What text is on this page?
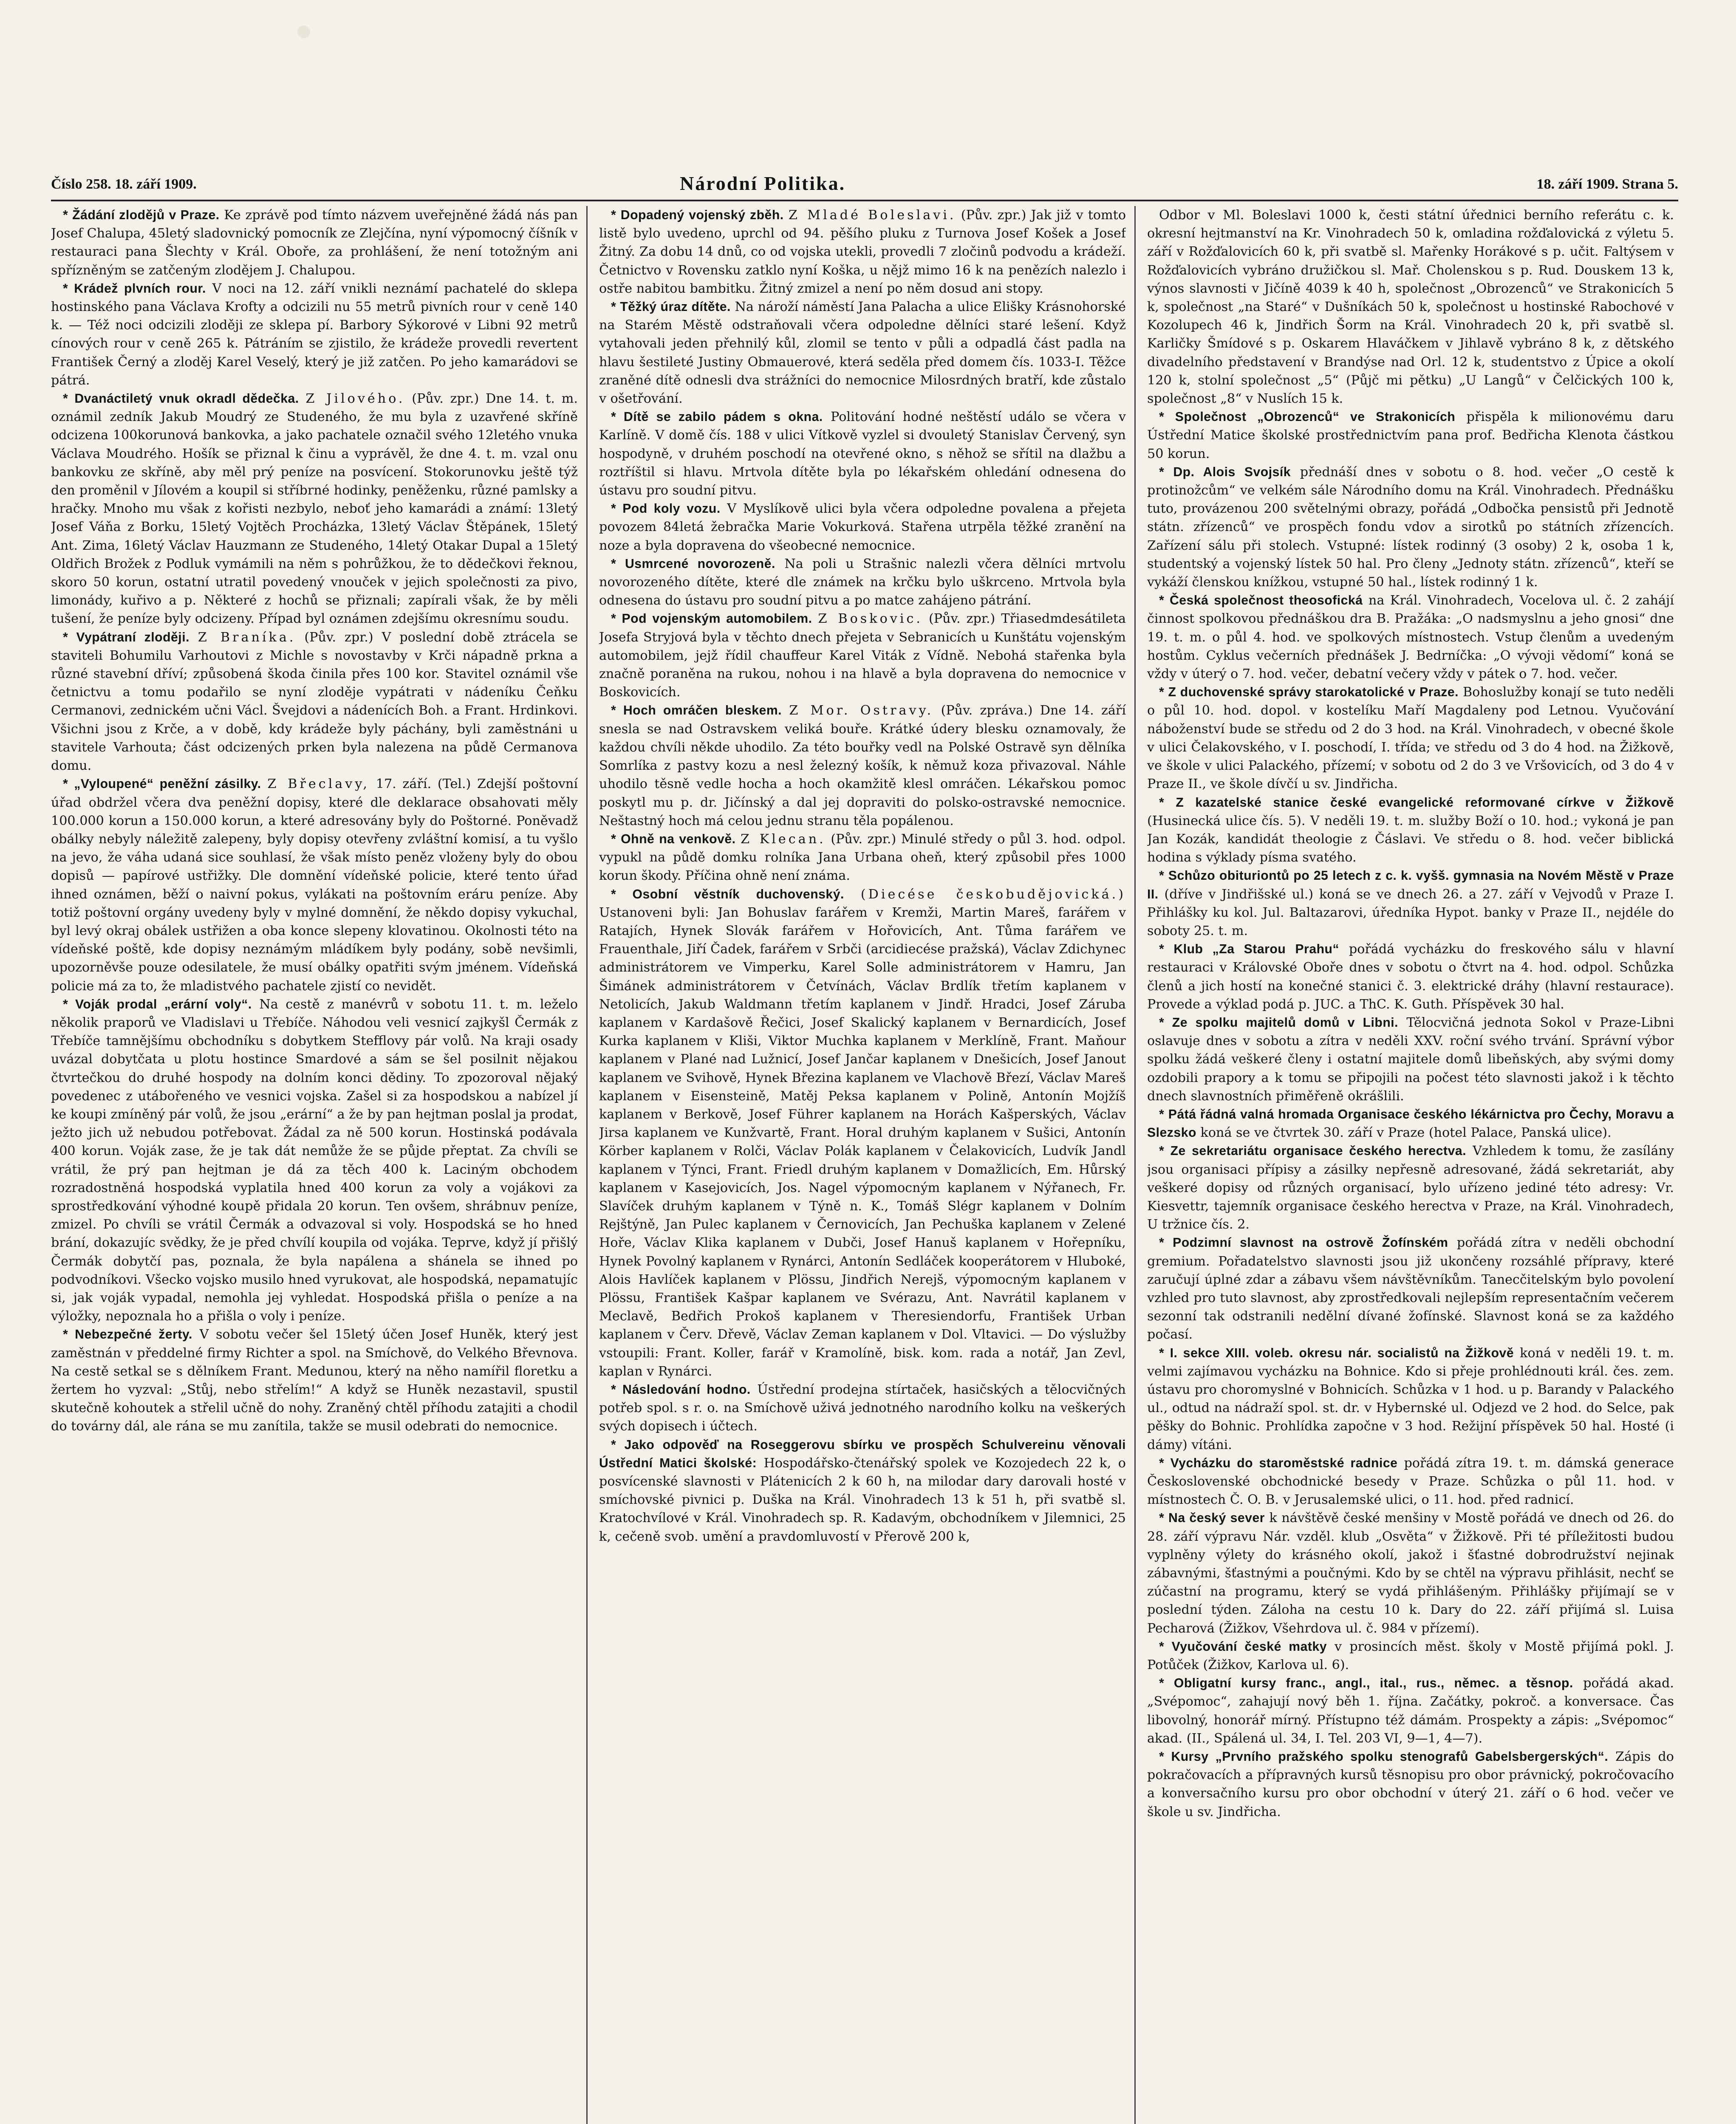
Číslo 258. 18. září 1909.	Národní Politika.	18. září 1909. Strana 5.

* Žádání zlodějů v Praze. Ke zprávě pod tímto názvem uveřejněné žádá nás pan Josef Chalupa, 45letý sladovnický pomocník ze Zlejčína, nyní výpomocný číšník v restauraci pana Šlechty v Král. Oboře, za prohlášení, že není totožným ani spřízněným se zatčeným zlodějem J. Chalupou.

* Krádež plvních rour. V noci na 12. září vnikli neznámí pachatelé do sklepa hostinského pana Václava Krofty a odcizili nu 55 metrů pivních rour v ceně 140 k. — Též noci odcizili zloději ze sklepa pí. Barbory Sýkorové v Libni 92 metrů cínových rour v ceně 265 k. Pátráním se zjistilo, že krádeže provedli revertent František Černý a zloděj Karel Veselý, který je již zatčen. Po jeho kamarádovi se pátrá.

* Dvanáctiletý vnuk okradl dědečka. Z Jilového. (Pův. zpr.) Dne 14. t. m. oznámil zedník Jakub Moudrý ze Studeného, že mu byla z uzavřené skříně odcizena 100korunová bankovka, a jako pachatele označil svého 12letého vnuka Václava Moudrého. Hošík se přiznal k činu a vyprávěl, že dne 4. t. m. vzal onu bankovku ze skříně, aby měl prý peníze na posvícení. Stokorunovku ještě týž den proměnil v Jílovém a koupil si stříbrné hodinky, peněženku, různé pamlsky a hračky. Mnoho mu však z kořisti nezbylo, neboť jeho kamarádi a známí: 13letý Josef Váňa z Borku, 15letý Vojtěch Procházka, 13letý Václav Štěpánek, 15letý Ant. Zima, 16letý Václav Hauzmann ze Studeného, 14letý Otakar Dupal a 15letý Oldřich Brožek z Podluk vymámili na něm s pohrůžkou, že to dědečkovi řeknou, skoro 50 korun, ostatní utratil povedený vnouček v jejich společnosti za pivo, limonády, kuřivo a p. Některé z hochů se přiznali; zapírali však, že by měli tušení, že peníze byly odcizeny. Případ byl oznámen zdejšímu okresnímu soudu.

* Vypátraní zloději. Z Braníka. (Pův. zpr.) V poslední době ztrácela se staviteli Bohumilu Varhoutovi z Michle s novostavby v Krči nápadně prkna a různé stavební dříví; způsobená škoda činila přes 100 kor. Stavitel oznámil vše četnictvu a tomu podařilo se nyní zloděje vypátrati v nádeníku Čeňku Cermanovi, zednickém učni Václ. Švejdovi a nádenících Boh. a Frant. Hrdinkovi. Všichni jsou z Krče, a v době, kdy krádeže byly páchány, byli zaměstnáni u stavitele Varhouta; část odcizených prken byla nalezena na půdě Cermanova domu.

* „Vyloupené“ peněžní zásilky. Z Břeclavy, 17. září. (Tel.) Zdejší poštovní úřad obdržel včera dva peněžní dopisy, které dle deklarace obsahovati měly 100.000 korun a 150.000 korun, a které adresovány byly do Poštorné. Poněvadž obálky nebyly náležitě zalepeny, byly dopisy otevřeny zvláštní komisí, a tu vyšlo na jevo, že váha udaná sice souhlasí, že však místo peněz vloženy byly do obou dopisů — papírové ustřižky. Dle domnění vídeňské policie, které tento úřad ihned oznámen, běží o naivní pokus, vylákati na poštovním eráru peníze. Aby totiž poštovní orgány uvedeny byly v mylné domnění, že někdo dopisy vykuchal, byl levý okraj obálek ustřižen a oba konce slepeny klovatinou. Okolnosti této na vídeňské poště, kde dopisy neznámým mládíkem byly podány, sobě nevšimli, upozorněvše pouze odesilatele, že musí obálky opatřiti svým jménem. Vídeňská policie má za to, že mladistvého pachatele zjistí co nevidět.

* Voják prodal „erární voly“. Na cestě z manévrů v sobotu 11. t. m. leželo několik praporů ve Vladislavi u Třebíče. Náhodou veli vesnicí zajkyšl Čermák z Třebíče tamnějšímu obchodníku s dobytkem Stefflovy pár volů. Na kraji osady uvázal dobytčata u plotu hostince Smardové a sám se šel posilnit nějakou čtvrtečkou do druhé hospody na dolním konci dědiny. To zpozoroval nějaký povedenec z utábořeného ve vesnici vojska. Zašel si za hospodskou a nabízel jí ke koupi zmíněný pár volů, že jsou „erární“ a že by pan hejtman poslal ja prodat, ježto jich už nebudou potřebovat. Žádal za ně 500 korun. Hostinská podávala 400 korun. Voják zase, že je tak dát nemůže že se půjde přeptat. Za chvíli se vrátil, že prý pan hejtman je dá za těch 400 k. Laciným obchodem rozradostněná hospodská vyplatila hned 400 korun za voly a vojákovi za sprostředkování výhodné koupě přidala 20 korun. Ten ovšem, shrábnuv peníze, zmizel. Po chvíli se vrátil Čermák a odvazoval si voly. Hospodská se ho hned brání, dokazujíc svědky, že je před chvílí koupila od vojáka. Teprve, když jí přišlý Čermák dobytčí pas, poznala, že byla napálena a shánela se ihned po podvodníkovi. Všecko vojsko musilo hned vyrukovat, ale hospodská, nepamatujíc si, jak voják vypadal, nemohla jej vyhledat. Hospodská přišla o peníze a na výložky, nepoznala ho a přišla o voly i peníze.

* Nebezpečné žerty. V sobotu večer šel 15letý účen Josef Huněk, který jest zaměstnán v předdelné firmy Richter a spol. na Smíchově, do Velkého Břevnova. Na cestě setkal se s dělníkem Frant. Medunou, který na něho namířil floretku a žertem ho vyzval: „Stůj, nebo střelím!“ A když se Huněk nezastavil, spustil skutečně kohoutek a střelil učně do nohy. Zraněný chtěl příhodu zatajiti a chodil do továrny dál, ale rána se mu zanítila, takže se musil odebrati do nemocnice.

* Dopadený vojenský zběh. Z Mladé Boleslavi. (Pův. zpr.) Jak již v tomto listě bylo uvedeno, uprchl od 94. pěšího pluku z Turnova Josef Košek a Josef Žitný. Za dobu 14 dnů, co od vojska utekli, provedli 7 zločinů podvodu a krádeží. Četnictvo v Rovensku zatklo nyní Koška, u nějž mimo 16 k na penězích nalezlo i ostře nabitou bambitku. Žitný zmizel a není po něm dosud ani stopy.

* Těžký úraz dítěte. Na nároží náměstí Jana Palacha a ulice Elišky Krásnohorské na Starém Městě odstraňovali včera odpoledne dělníci staré lešení. Když vytahovali jeden přehnilý kůl, zlomil se tento v půli a odpadlá část padla na hlavu šestileté Justiny Obmauerové, která seděla před domem čís. 1033-I. Těžce zraněné dítě odnesli dva strážníci do nemocnice Milosrdných bratří, kde zůstalo v ošetřování.

* Dítě se zabilo pádem s okna. Politování hodné neštěstí událo se včera v Karlíně. V domě čís. 188 v ulici Vítkově vyzlel si dvouletý Stanislav Červený, syn hospodyně, v druhém poschodí na otevřené okno, s něhož se sřítil na dlažbu a roztříštil si hlavu. Mrtvola dítěte byla po lékařském ohledání odnesena do ústavu pro soudní pitvu.

* Pod koly vozu. V Myslíkově ulici byla včera odpoledne povalena a přejeta povozem 84letá žebračka Marie Vokurková. Stařena utrpěla těžké zranění na noze a byla dopravena do všeobecné nemocnice.

* Usmrcené novorozeně. Na poli u Strašnic nalezli včera dělníci mrtvolu novorozeného dítěte, které dle známek na krčku bylo uškrceno. Mrtvola byla odnesena do ústavu pro soudní pitvu a po matce zahájeno pátrání.

* Pod vojenským automobilem. Z Boskovic. (Pův. zpr.) Třiasedmdesátileta Josefa Stryjová byla v těchto dnech přejeta v Sebranicích u Kunštátu vojenským automobilem, jejž řídil chauffeur Karel Viták z Vídně. Nebohá stařenka byla značně poraněna na rukou, nohou i na hlavě a byla dopravena do nemocnice v Boskovicích.

* Hoch omráčen bleskem. Z Mor. Ostravy. (Pův. zpráva.) Dne 14. září snesla se nad Ostravskem veliká bouře. Krátké údery blesku oznamovaly, že každou chvíli někde uhodilo. Za této bouřky vedl na Polské Ostravě syn dělníka Somrlíka z pastvy kozu a nesl železný košík, k němuž koza přivazoval. Náhle uhodilo těsně vedle hocha a hoch okamžitě klesl omráčen. Lékařskou pomoc poskytl mu p. dr. Jičínský a dal jej dopraviti do polsko-ostravské nemocnice. Neštastný hoch má celou jednu stranu těla popálenou.

* Ohně na venkově. Z Klecan. (Pův. zpr.) Minulé středy o půl 3. hod. odpol. vypukl na půdě domku rolníka Jana Urbana oheň, který způsobil přes 1000 korun škody. Příčina ohně není známa.

* Osobní věstník duchovenský. (Diecése českobudějovická.) Ustanoveni byli: Jan Bohuslav farářem v Kremži, Martin Mareš, farářem v Ratajích, Hynek Slovák farářem v Hořovicích, Ant. Tůma farářem ve Frauenthale, Jiří Čadek, farářem v Srbči (arcidiecése pražská), Václav Zdichynec administrátorem ve Vimperku, Karel Solle administrátorem v Hamru, Jan Šimánek administrátorem v Četvínách, Václav Brdlík třetím kaplanem v Netolicích, Jakub Waldmann třetím kaplanem v Jindř. Hradci, Josef Záruba kaplanem v Kardašově Řečici, Josef Skalický kaplanem v Bernardicích, Josef Kurka kaplanem v Kliši, Viktor Muchka kaplanem v Merklíně, Frant. Maňour kaplanem v Plané nad Lužnicí, Josef Jančar kaplanem v Dnešicích, Josef Janout kaplanem ve Svihově, Hynek Březina kaplanem ve Vlachově Březí, Václav Mareš kaplanem v Eisensteině, Matěj Peksa kaplanem v Polině, Antonín Mojžíš kaplanem v Berkově, Josef Führer kaplanem na Horách Kašperských, Václav Jirsa kaplanem ve Kunžvartě, Frant. Horal druhým kaplanem v Sušici, Antonín Körber kaplanem v Rolči, Václav Polák kaplanem v Čelakovicích, Ludvík Jandl kaplanem v Týnci, Frant. Friedl druhým kaplanem v Domažlicích, Em. Hůrský kaplanem v Kasejovicích, Jos. Nagel výpomocným kaplanem v Nýřanech, Fr. Slavíček druhým kaplanem v Týně n. K., Tomáš Slégr kaplanem v Dolním Rejštýně, Jan Pulec kaplanem v Černovicích, Jan Pechuška kaplanem v Zelené Hoře, Václav Klika kaplanem v Dubči, Josef Hanuš kaplanem v Hořepníku, Hynek Povolný kaplanem v Rynárci, Antonín Sedláček kooperátorem v Hluboké, Alois Havlíček kaplanem v Plössu, Jindřich Nerejš, výpomocným kaplanem v Plössu, František Kašpar kaplanem ve Svérazu, Ant. Navrátil kaplanem v Meclavě, Bedřich Prokoš kaplanem v Theresiendorfu, František Urban kaplanem v Červ. Dřevě, Václav Zeman kaplanem v Dol. Vltavici. — Do výslužby vstoupili: Frant. Koller, farář v Kramolíně, bisk. kom. rada a notář, Jan Zevl, kaplan v Rynárci.

* Následování hodno. Ústřední prodejna stírtaček, hasičských a tělocvičných potřeb spol. s r. o. na Smíchově uživá jednotného narodního kolku na veškerých svých dopisech i účtech.

* Jako odpověď na Roseggerovu sbírku ve prospěch Schulvereinu věnovali Ústřední Matici školské: Hospodářsko-čtenářský spolek ve Kozojedech 22 k, o posvícenské slavnosti v Plátenicích 2 k 60 h, na milodar dary darovali hosté v smíchovské pivnici p. Duška na Král. Vinohradech 13 k 51 h, při svatbě sl. Kratochvílové v Král. Vinohradech sp. R. Kadavým, obchodníkem v Jilemnici, 25 k, cečeně svob. umění a pravdomluvostí v Přerově 200 k,

Odbor v Ml. Boleslavi 1000 k, česti státní úřednici berního referátu c. k. okresní hejtmanství na Kr. Vinohradech 50 k, omladina rožďalovická z výletu 5. září v Rožďalovicích 60 k, při svatbě sl. Mařenky Horákové s p. učit. Faltýsem v Rožďalovicích vybráno družičkou sl. Mař. Cholenskou s p. Rud. Douskem 13 k, výnos slavnosti v Jičíně 4039 k 40 h, společnost „Obrozenců“ ve Strakonicích 5 k, společnost „na Staré“ v Dušníkách 50 k, společnost u hostinské Rabochové v Kozolupech 46 k, Jindřich Šorm na Král. Vinohradech 20 k, při svatbě sl. Karličky Šmídové s p. Oskarem Hlaváčkem v Jihlavě vybráno 8 k, z dětského divadelního představení v Brandýse nad Orl. 12 k, studentstvo z Úpice a okolí 120 k, stolní společnost „5“ (Půjč mi pětku) „U Langů“ v Čelčických 100 k, společnost „8“ v Nuslích 15 k.

* Společnost „Obrozenců“ ve Strakonicích přispěla k milionovému daru Ústřední Matice školské prostřednictvím pana prof. Bedřicha Klenota částkou 50 korun.

* Dp. Alois Svojsík přednáší dnes v sobotu o 8. hod. večer „O cestě k protinožcům“ ve velkém sále Národního domu na Král. Vinohradech. Přednášku tuto, provázenou 200 světelnými obrazy, pořádá „Odbočka pensistů při Jednotě státn. zřízenců“ ve prospěch fondu vdov a sirotků po státních zřízencích. Zařízení sálu při stolech. Vstupné: lístek rodinný (3 osoby) 2 k, osoba 1 k, studentský a vojenský lístek 50 hal. Pro členy „Jednoty státn. zřízenců“, kteří se vykáží členskou knížkou, vstupné 50 hal., lístek rodinný 1 k.

* Česká společnost theosofická na Král. Vinohradech, Vocelova ul. č. 2 zahájí činnost spolkovou přednáškou dra B. Pražáka: „O nadsmyslnu a jeho gnosi“ dne 19. t. m. o půl 4. hod. ve spolkových místnostech. Vstup členům a uvedeným hostům. Cyklus večerních přednášek J. Bedrníčka: „O vývoji vědomí“ koná se vždy v úterý o 7. hod. večer, debatní večery vždy v pátek o 7. hod. večer.

* Z duchovenské správy starokatolické v Praze. Bohoslužby konají se tuto neděli o půl 10. hod. dopol. v kostelíku Maří Magdaleny pod Letnou. Vyučování náboženství bude se středu od 2 do 3 hod. na Král. Vinohradech, v obecné škole v ulici Čelakovského, v I. poschodí, I. třída; ve středu od 3 do 4 hod. na Žižkově, ve škole v ulici Palackého, přízemí; v sobotu od 2 do 3 ve Vršovicích, od 3 do 4 v Praze II., ve škole dívčí u sv. Jindřicha.

* Z kazatelské stanice české evangelické reformované církve v Žižkově (Husinecká ulice čís. 5). V neděli 19. t. m. služby Boží o 10. hod.; vykoná je pan Jan Kozák, kandidát theologie z Čáslavi. Ve středu o 8. hod. večer biblická hodina s výklady písma svatého.

* Schůzo obituriontů po 25 letech z c. k. vyšš. gymnasia na Novém Městě v Praze II. (dříve v Jindřišské ul.) koná se ve dnech 26. a 27. září v Vejvodů v Praze I. Přihlášky ku kol. Jul. Baltazarovi, úředníka Hypot. banky v Praze II., nejdéle do soboty 25. t. m.

* Klub „Za Starou Prahu“ pořádá vycházku do freskového sálu v hlavní restauraci v Královské Oboře dnes v sobotu o čtvrt na 4. hod. odpol. Schůzka členů a jich hostí na konečné stanici č. 3. elektrické dráhy (hlavní restaurace). Provede a výklad podá p. JUC. a ThC. K. Guth. Příspěvek 30 hal.

* Ze spolku majitelů domů v Libni. Tělocvičná jednota Sokol v Praze-Libni oslavuje dnes v sobotu a zítra v neděli XXV. roční svého trvání. Správní výbor spolku žádá veškeré členy i ostatní majitele domů libeňských, aby svými domy ozdobili prapory a k tomu se připojili na počest této slavnosti jakož i k těchto dnech slavnostních přiměřeně okrášlili.

* Pátá řádná valná hromada Organisace českého lékárnictva pro Čechy, Moravu a Slezsko koná se ve čtvrtek 30. září v Praze (hotel Palace, Panská ulice).

* Ze sekretariátu organisace českého herectva. Vzhledem k tomu, že zasílány jsou organisaci přípisy a zásilky nepřesně adresované, žádá sekretariát, aby veškeré dopisy od různých organisací, bylo uřízeno jediné této adresy: Vr. Kiesvettr, tajemník organisace českého herectva v Praze, na Král. Vinohradech, U tržnice čís. 2.

* Podzimní slavnost na ostrově Žofínském pořádá zítra v neděli obchodní gremium. Pořadatelstvo slavnosti jsou již ukončeny rozsáhlé přípravy, které zaručují úplné zdar a zábavu všem návštěvníkům. Tanecčitelským bylo povolení vzhled pro tuto slavnost, aby zprostředkovali nejlepším representačním večerem sezonní tak odstranili nedělní dívané žofínské. Slavnost koná se za každého počasí.

* I. sekce XIII. voleb. okresu nár. socialistů na Žižkově koná v neděli 19. t. m. velmi zajímavou vycházku na Bohnice. Kdo si přeje prohlédnouti král. čes. zem. ústavu pro choromyslné v Bohnicích. Schůzka v 1 hod. u p. Barandy v Palackého ul., odtud na nádraží spol. st. dr. v Hybernské ul. Odjezd ve 2 hod. do Selce, pak pěšky do Bohnic. Prohlídka započne v 3 hod. Režijní příspěvek 50 hal. Hosté (i dámy) vítáni.

* Vycházku do staroměstské radnice pořádá zítra 19. t. m. dámská generace Československé obchodnické besedy v Praze. Schůzka o půl 11. hod. v místnostech Č. O. B. v Jerusalemské ulici, o 11. hod. před radnicí.

* Na český sever k návštěvě české menšiny v Mostě pořádá ve dnech od 26. do 28. září výpravu Nár. vzděl. klub „Osvěta“ v Žižkově. Při té příležitosti budou vyplněny výlety do krásného okolí, jakož i šťastné dobrodružství nejinak zábavnými, šťastnými a poučnými. Kdo by se chtěl na výpravu přihlásit, nechť se zúčastní na programu, který se vydá přihlášeným. Přihlášky přijímají se v poslední týden. Záloha na cestu 10 k. Dary do 22. září přijímá sl. Luisa Pecharová (Žižkov, Všehrdova ul. č. 984 v přízemí).

* Vyučování české matky v prosincích měst. školy v Mostě přijímá pokl. J. Potůček (Žižkov, Karlova ul. 6).

* Obligatní kursy franc., angl., ital., rus., němec. a těsnop. pořádá akad. „Svépomoc“, zahajují nový běh 1. října. Začátky, pokroč. a konversace. Čas libovolný, honorář mírný. Přístupno též dámám. Prospekty a zápis: „Svépomoc“ akad. (II., Spálená ul. 34, I. Tel. 203 VI, 9—1, 4—7).

* Kursy „Prvního pražského spolku stenografů Gabelsbergerských“. Zápis do pokračovacích a přípravných kursů těsnopisu pro obor právnický, pokročovacího a konversačního kursu pro obor obchodní v úterý 21. září o 6 hod. večer ve škole u sv. Jindřicha.
